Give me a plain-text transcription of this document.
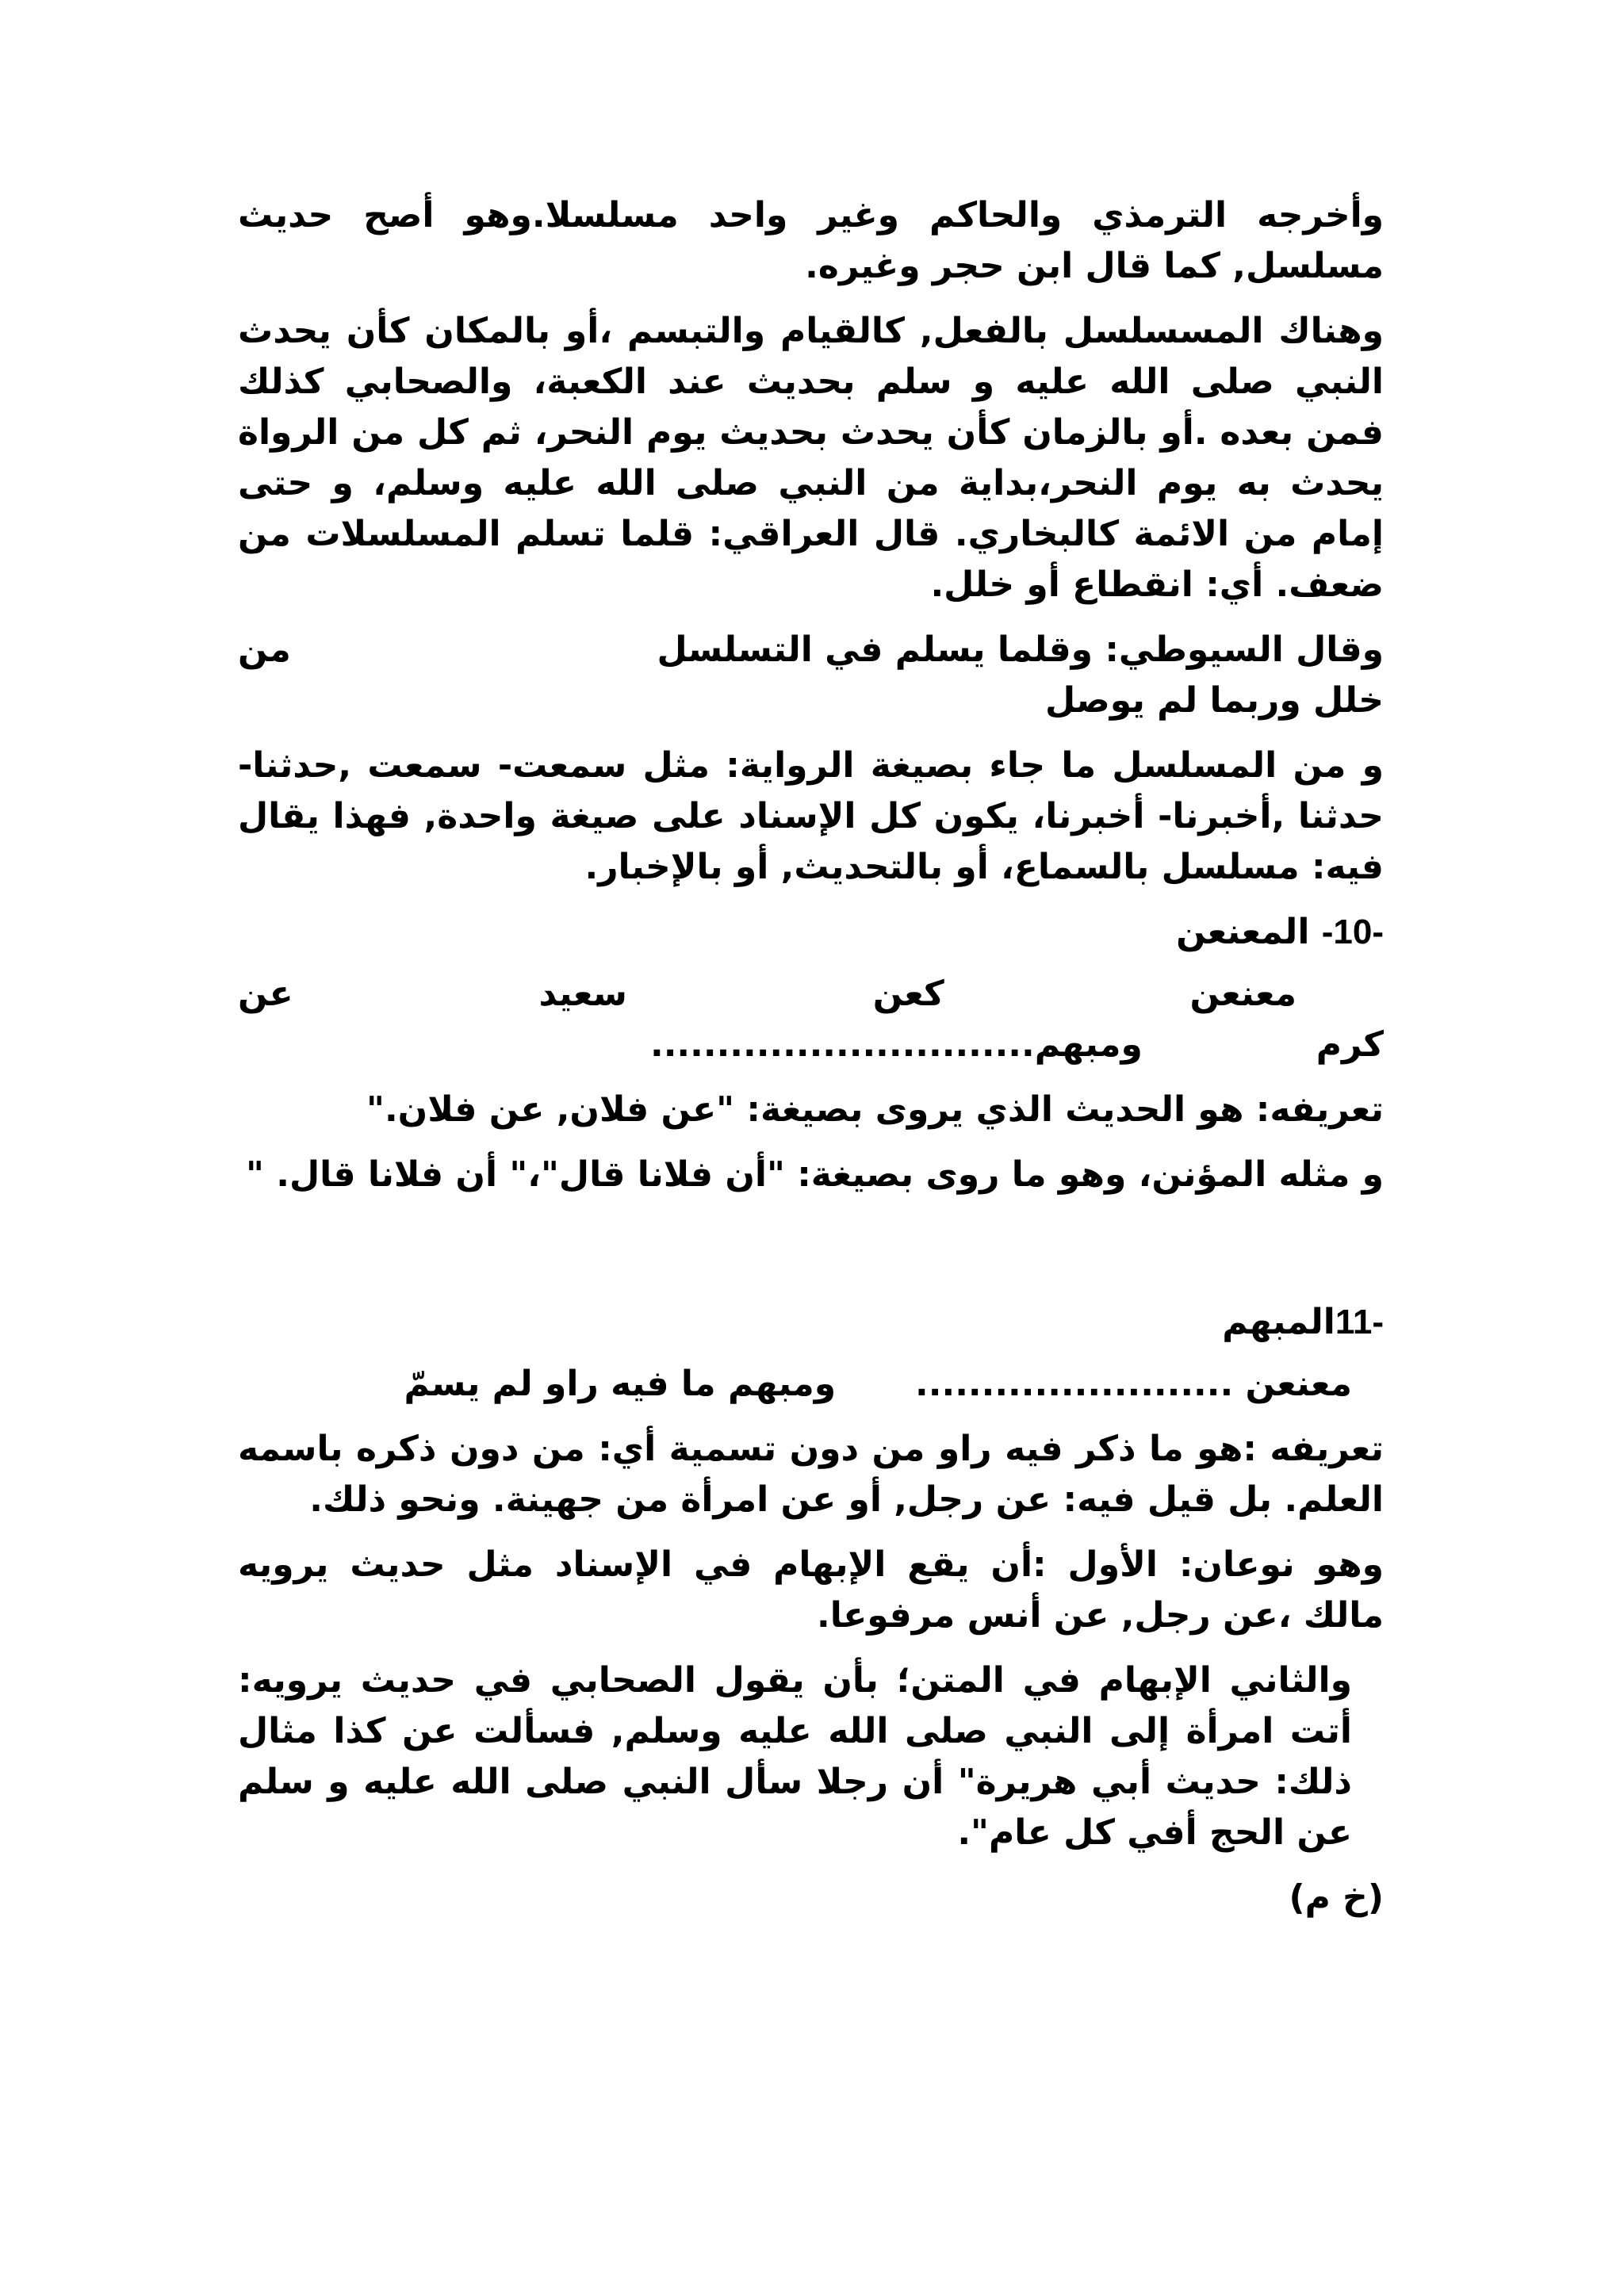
وأخرجه الترمذي والحاكم وغير واحد مسلسلا.وهو أصح حديث مسلسل, كما قال ابن حجر وغيره.

وهناك المسسلسل بالفعل, كالقيام والتبسم ،أو بالمكان كأن يحدث النبي صلى الله عليه و سلم بحديث عند الكعبة، والصحابي كذلك فمن بعده .أو بالزمان كأن يحدث بحديث يوم النحر، ثم كل من الرواة يحدث به يوم النحر،بداية من النبي صلى الله عليه وسلم، و حتى إمام من الائمة كالبخاري. قال العراقي: قلما تسلم المسلسلات من ضعف. أي: انقطاع أو خلل.

وقال السيوطي: وقلما يسلم في التسلسل
من
خلل وربما لم يوصل

و من المسلسل ما جاء بصيغة الرواية: مثل سمعت- سمعت ,حدثنا- حدثنا ,أخبرنا- أخبرنا، يكون كل الإسناد على صيغة واحدة, فهذا يقال فيه: مسلسل بالسماع، أو بالتحديث, أو بالإخبار.

-10- المعنعن
معنعن
كعن
سعيد
عن
كرم
ومبهم.............................

تعريفه: هو الحديث الذي يروى بصيغة: "عن فلان, عن فلان."

و مثله المؤنن، وهو ما روى بصيغة: "أن فلانا قال"،" أن فلانا قال. "

-11المبهم
معنعن ........................
ومبهم ما فيه راو لم يسمّ

تعريفه :هو ما ذكر فيه راو من دون تسمية أي: من دون ذكره باسمه العلم. بل قيل فيه: عن رجل, أو عن امرأة من جهينة. ونحو ذلك.

وهو نوعان: الأول :أن يقع الإبهام في الإسناد مثل حديث يرويه مالك ،عن رجل, عن أنس مرفوعا.

والثاني الإبهام في المتن؛ بأن يقول الصحابي في حديث يرويه: أتت امرأة إلى النبي صلى الله عليه وسلم, فسألت عن كذا مثال ذلك: حديث أبي هريرة" أن رجلا سأل النبي صلى الله عليه و سلم عن الحج أفي كل عام".

(خ م)
